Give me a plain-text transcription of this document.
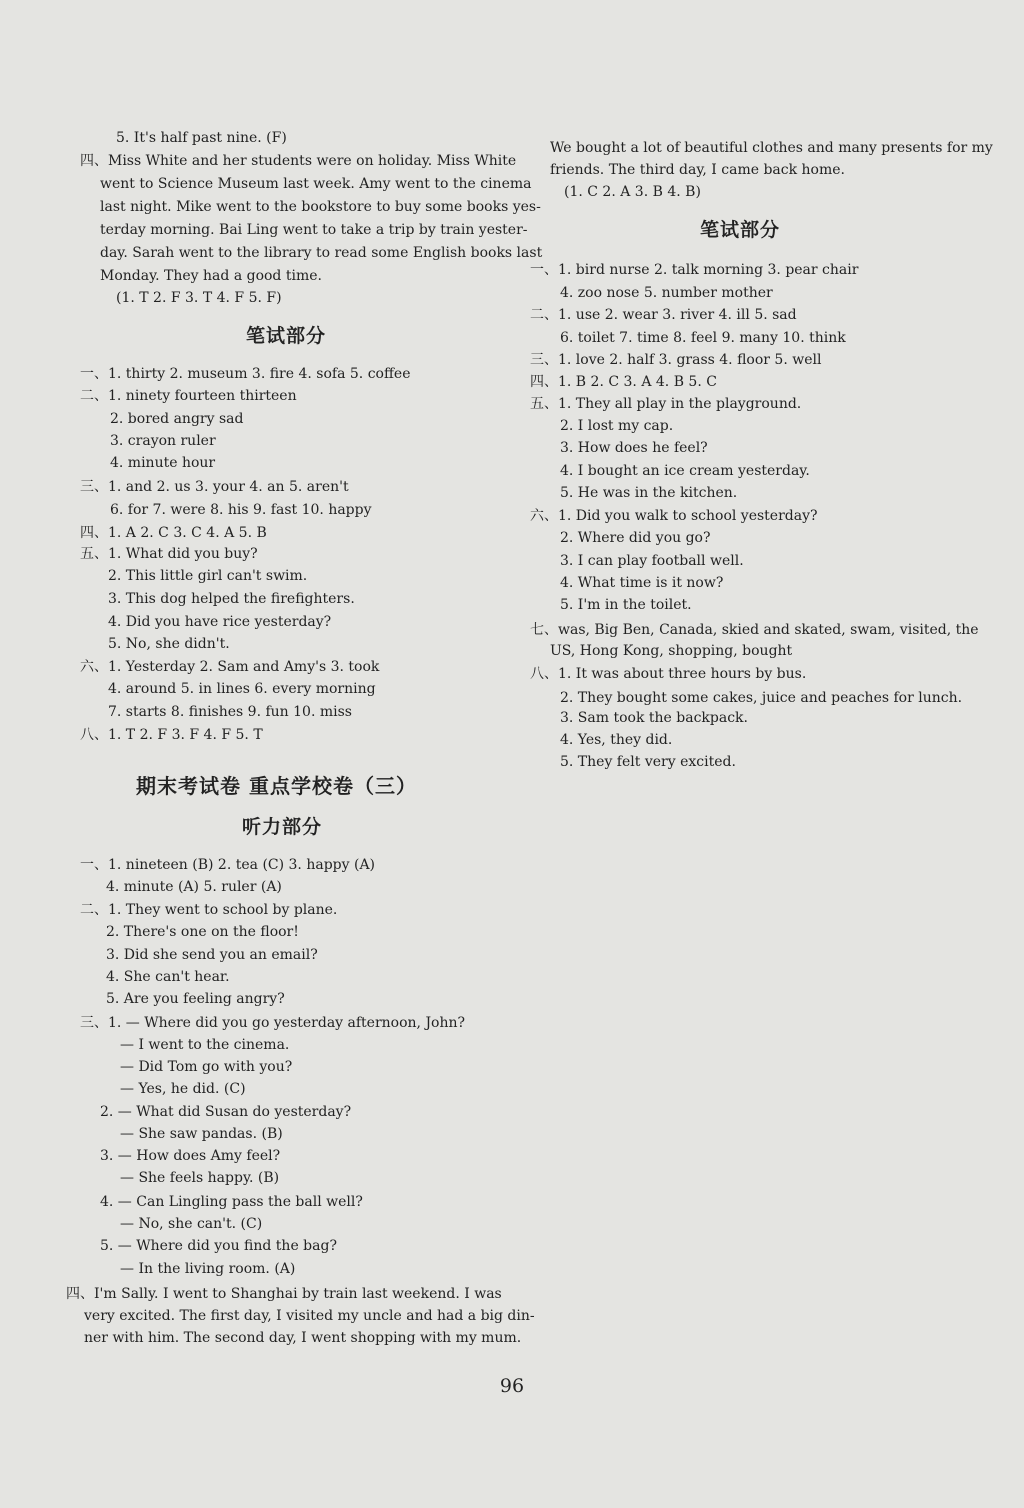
5. It's half past nine. (F)
四、Miss White and her students were on holiday. Miss White
went to Science Museum last week. Amy went to the cinema
last night. Mike went to the bookstore to buy some books yes-
terday morning. Bai Ling went to take a trip by train yester-
day. Sarah went to the library to read some English books last
Monday. They had a good time.
(1. T 2. F 3. T 4. F 5. F)
笔试部分
一、1. thirty 2. museum 3. fire 4. sofa 5. coffee
二、1. ninety fourteen thirteen
2. bored angry sad
3. crayon ruler
4. minute hour
三、1. and 2. us 3. your 4. an 5. aren't
6. for 7. were 8. his 9. fast 10. happy
四、1. A 2. C 3. C 4. A 5. B
五、1. What did you buy?
2. This little girl can't swim.
3. This dog helped the firefighters.
4. Did you have rice yesterday?
5. No, she didn't.
六、1. Yesterday 2. Sam and Amy's 3. took
4. around 5. in lines 6. every morning
7. starts 8. finishes 9. fun 10. miss
八、1. T 2. F 3. F 4. F 5. T
期末考试卷 重点学校卷（三）
听力部分
一、1. nineteen (B) 2. tea (C) 3. happy (A)
4. minute (A) 5. ruler (A)
二、1. They went to school by plane.
2. There's one on the floor!
3. Did she send you an email?
4. She can't hear.
5. Are you feeling angry?
三、1. — Where did you go yesterday afternoon, John?
— I went to the cinema.
— Did Tom go with you?
— Yes, he did. (C)
2. — What did Susan do yesterday?
— She saw pandas. (B)
3. — How does Amy feel?
— She feels happy. (B)
4. — Can Lingling pass the ball well?
— No, she can't. (C)
5. — Where did you find the bag?
— In the living room. (A)
四、I'm Sally. I went to Shanghai by train last weekend. I was
very excited. The first day, I visited my uncle and had a big din-
ner with him. The second day, I went shopping with my mum.
We bought a lot of beautiful clothes and many presents for my
friends. The third day, I came back home.
(1. C 2. A 3. B 4. B)
笔试部分
一、1. bird nurse 2. talk morning 3. pear chair
4. zoo nose 5. number mother
二、1. use 2. wear 3. river 4. ill 5. sad
6. toilet 7. time 8. feel 9. many 10. think
三、1. love 2. half 3. grass 4. floor 5. well
四、1. B 2. C 3. A 4. B 5. C
五、1. They all play in the playground.
2. I lost my cap.
3. How does he feel?
4. I bought an ice cream yesterday.
5. He was in the kitchen.
六、1. Did you walk to school yesterday?
2. Where did you go?
3. I can play football well.
4. What time is it now?
5. I'm in the toilet.
七、was, Big Ben, Canada, skied and skated, swam, visited, the
US, Hong Kong, shopping, bought
八、1. It was about three hours by bus.
2. They bought some cakes, juice and peaches for lunch.
3. Sam took the backpack.
4. Yes, they did.
5. They felt very excited.
96
